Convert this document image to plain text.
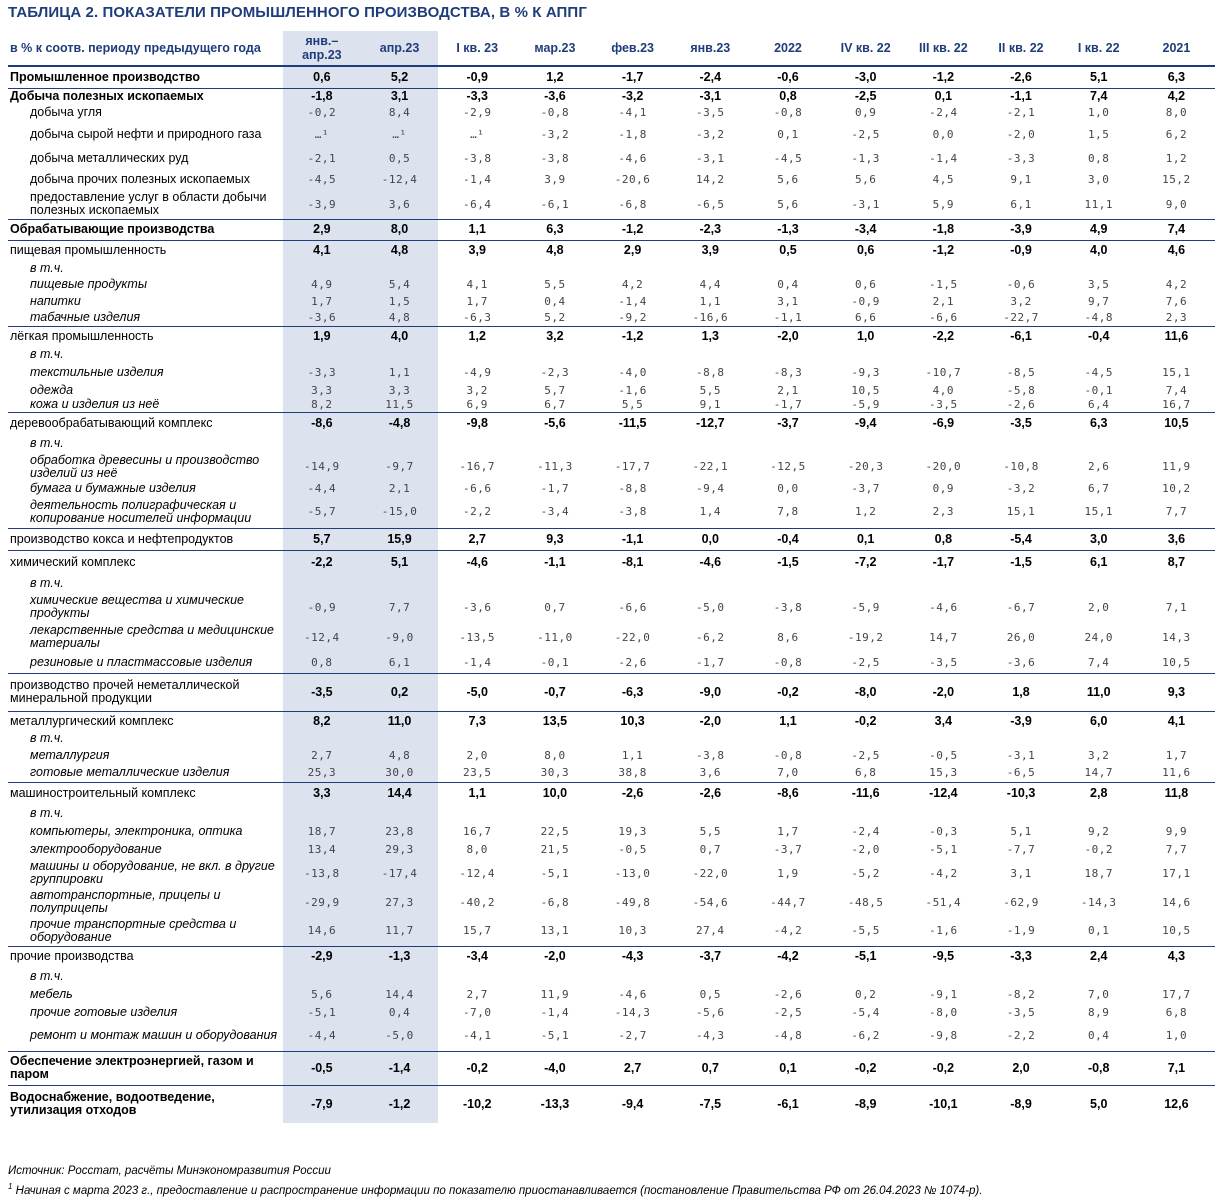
ТАБЛИЦА 2. ПОКАЗАТЕЛИ ПРОМЫШЛЕННОГО ПРОИЗВОДСТВА, В % К АППГ
в % к соотв. периоду предыдущего года	янв.–апр.23	апр.23	I кв. 23	мар.23	фев.23	янв.23	2022	IV кв. 22	III кв. 22	II кв. 22	I кв. 22	2021
Промышленное производство	0,6	5,2	-0,9	1,2	-1,7	-2,4	-0,6	-3,0	-1,2	-2,6	5,1	6,3
Добыча полезных ископаемых	-1,8	3,1	-3,3	-3,6	-3,2	-3,1	0,8	-2,5	0,1	-1,1	7,4	4,2
добыча угля	-0,2	8,4	-2,9	-0,8	-4,1	-3,5	-0,8	0,9	-2,4	-2,1	1,0	8,0
добыча сырой нефти и природного газа	…¹	…¹	…¹	-3,2	-1,8	-3,2	0,1	-2,5	0,0	-2,0	1,5	6,2
добыча металлических руд	-2,1	0,5	-3,8	-3,8	-4,6	-3,1	-4,5	-1,3	-1,4	-3,3	0,8	1,2
добыча прочих полезных ископаемых	-4,5	-12,4	-1,4	3,9	-20,6	14,2	5,6	5,6	4,5	9,1	3,0	15,2
предоставление услуг в области добычи полезных ископаемых	-3,9	3,6	-6,4	-6,1	-6,8	-6,5	5,6	-3,1	5,9	6,1	11,1	9,0
Обрабатывающие производства	2,9	8,0	1,1	6,3	-1,2	-2,3	-1,3	-3,4	-1,8	-3,9	4,9	7,4
пищевая промышленность	4,1	4,8	3,9	4,8	2,9	3,9	0,5	0,6	-1,2	-0,9	4,0	4,6
в т.ч.												
пищевые продукты	4,9	5,4	4,1	5,5	4,2	4,4	0,4	0,6	-1,5	-0,6	3,5	4,2
напитки	1,7	1,5	1,7	0,4	-1,4	1,1	3,1	-0,9	2,1	3,2	9,7	7,6
табачные изделия	-3,6	4,8	-6,3	5,2	-9,2	-16,6	-1,1	6,6	-6,6	-22,7	-4,8	2,3
лёгкая промышленность	1,9	4,0	1,2	3,2	-1,2	1,3	-2,0	1,0	-2,2	-6,1	-0,4	11,6
в т.ч.												
текстильные изделия	-3,3	1,1	-4,9	-2,3	-4,0	-8,8	-8,3	-9,3	-10,7	-8,5	-4,5	15,1
одежда	3,3	3,3	3,2	5,7	-1,6	5,5	2,1	10,5	4,0	-5,8	-0,1	7,4
кожа и изделия из неё	8,2	11,5	6,9	6,7	5,5	9,1	-1,7	-5,9	-3,5	-2,6	6,4	16,7
деревообрабатывающий комплекс	-8,6	-4,8	-9,8	-5,6	-11,5	-12,7	-3,7	-9,4	-6,9	-3,5	6,3	10,5
в т.ч.												
обработка древесины и производство изделий из неё	-14,9	-9,7	-16,7	-11,3	-17,7	-22,1	-12,5	-20,3	-20,0	-10,8	2,6	11,9
бумага и бумажные изделия	-4,4	2,1	-6,6	-1,7	-8,8	-9,4	0,0	-3,7	0,9	-3,2	6,7	10,2
деятельность полиграфическая и копирование носителей информации	-5,7	-15,0	-2,2	-3,4	-3,8	1,4	7,8	1,2	2,3	15,1	15,1	7,7
производство кокса и нефтепродуктов	5,7	15,9	2,7	9,3	-1,1	0,0	-0,4	0,1	0,8	-5,4	3,0	3,6
химический комплекс	-2,2	5,1	-4,6	-1,1	-8,1	-4,6	-1,5	-7,2	-1,7	-1,5	6,1	8,7
в т.ч.												
химические вещества и химические продукты	-0,9	7,7	-3,6	0,7	-6,6	-5,0	-3,8	-5,9	-4,6	-6,7	2,0	7,1
лекарственные средства и медицинские материалы	-12,4	-9,0	-13,5	-11,0	-22,0	-6,2	8,6	-19,2	14,7	26,0	24,0	14,3
резиновые и пластмассовые изделия	0,8	6,1	-1,4	-0,1	-2,6	-1,7	-0,8	-2,5	-3,5	-3,6	7,4	10,5
производство прочей неметаллической минеральной продукции	-3,5	0,2	-5,0	-0,7	-6,3	-9,0	-0,2	-8,0	-2,0	1,8	11,0	9,3
металлургический комплекс	8,2	11,0	7,3	13,5	10,3	-2,0	1,1	-0,2	3,4	-3,9	6,0	4,1
в т.ч.												
металлургия	2,7	4,8	2,0	8,0	1,1	-3,8	-0,8	-2,5	-0,5	-3,1	3,2	1,7
готовые металлические изделия	25,3	30,0	23,5	30,3	38,8	3,6	7,0	6,8	15,3	-6,5	14,7	11,6
машиностроительный комплекс	3,3	14,4	1,1	10,0	-2,6	-2,6	-8,6	-11,6	-12,4	-10,3	2,8	11,8
в т.ч.												
компьютеры, электроника, оптика	18,7	23,8	16,7	22,5	19,3	5,5	1,7	-2,4	-0,3	5,1	9,2	9,9
электрооборудование	13,4	29,3	8,0	21,5	-0,5	0,7	-3,7	-2,0	-5,1	-7,7	-0,2	7,7
машины и оборудование, не вкл. в другие группировки	-13,8	-17,4	-12,4	-5,1	-13,0	-22,0	1,9	-5,2	-4,2	3,1	18,7	17,1
автотранспортные, прицепы и полуприцепы	-29,9	27,3	-40,2	-6,8	-49,8	-54,6	-44,7	-48,5	-51,4	-62,9	-14,3	14,6
прочие транспортные средства и оборудование	14,6	11,7	15,7	13,1	10,3	27,4	-4,2	-5,5	-1,6	-1,9	0,1	10,5
прочие производства	-2,9	-1,3	-3,4	-2,0	-4,3	-3,7	-4,2	-5,1	-9,5	-3,3	2,4	4,3
в т.ч.												
мебель	5,6	14,4	2,7	11,9	-4,6	0,5	-2,6	0,2	-9,1	-8,2	7,0	17,7
прочие готовые изделия	-5,1	0,4	-7,0	-1,4	-14,3	-5,6	-2,5	-5,4	-8,0	-3,5	8,9	6,8
ремонт и монтаж машин и оборудования	-4,4	-5,0	-4,1	-5,1	-2,7	-4,3	-4,8	-6,2	-9,8	-2,2	0,4	1,0
Обеспечение электроэнергией, газом и паром	-0,5	-1,4	-0,2	-4,0	2,7	0,7	0,1	-0,2	-0,2	2,0	-0,8	7,1
Водоснабжение, водоотведение, утилизация отходов	-7,9	-1,2	-10,2	-13,3	-9,4	-7,5	-6,1	-8,9	-10,1	-8,9	5,0	12,6
Источник: Росстат, расчёты Минэкономразвития России
$^1$ Начиная с марта 2023 г., предоставление и распространение информации по показателю приостанавливается (постановление Правительства РФ от 26.04.2023 № 1074-р).
